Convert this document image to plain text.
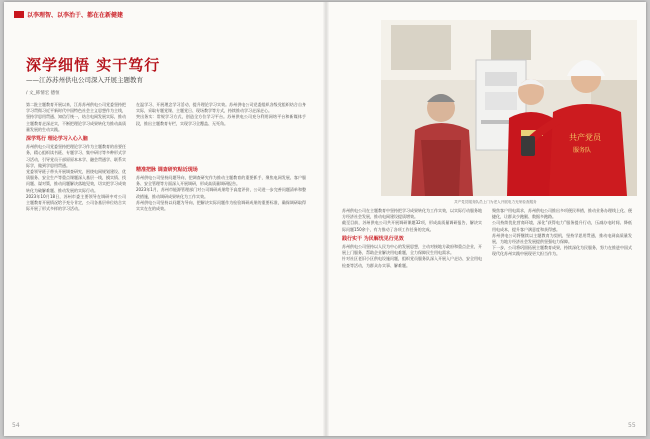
以李理智、以李治于、都在在新健建
深学细悟 实干笃行
——江苏苏州供电公司深入开展主题教育
/ 文_韩情宏 德恒

第二批主题教育开展以来，江苏苏州供电公司党委坚持把学习贯彻习近平新时代中国特色社会主义思想作为主线，坚持学思用贯通、知信行统一，结合电网发展实际，推动主题教育走深走实，不断把理论学习成果转化为推动高质量发展的生动实践。

深学笃行 理论学习入心入脑

苏州供电公司党委坚持把理论学习作为主题教育的首要任务，精心组织读书班、专题学习、集中研讨等多种形式学习活动，引导党员干部原原本本学、融会贯通学、联系实际学，做到学思用贯通。

党委领导班子带头开展调查研究，围绕电网规划建设、优质服务、安全生产等重点课题深入基层一线，摸实情、找问题、谋对策，推动问题解决落地见效，切实把学习成效转化为破解难题、推动发展的实际行动。

2023年10月18日，苏州市委主要领导在调研中对公司主题教育开展情况给予充分肯定，公司各基层单位结合实际开展了形式多样的学习活动。

在温学习、开展理念学习活动，提升理论学习实效。苏州供电公司党委组织各级党组织结合自身实际，采取专题党课、主题党日、现场教学等方式，持续推动学习走深走心。

突出务实：常规学习方式，创造全方位学习平台。苏州供电公司充分利用网络平台和新媒体手段，推出主题教育专栏，实现学习全覆盖、无死角。

精准把脉 调查研究贴近现场

苏州供电公司坚持问题导向，把调查研究作为推动主题教育的重要抓手，聚焦电网发展、客户服务、安全管理等方面深入开展调研，形成高质量调研报告。

2023年1月，苏州市能源管理部门对公司调研成果给予高度评价，公司进一步完善问题清单和整改措施，推动调研成果转化为工作实效。

苏州供电公司坚持以问题为导向，把解决实际问题作为检验调研成果的重要标准，确保调研取得实实在在的成效。

共产党员
服务队
共产党员服务队员上门为老人开展电力光荣检查服务

苏州供电公司在主题教育中坚持把学习成果转化为工作实效，以实际行动服务地方经济社会发展，推动电网建设提质增效。

截至目前，苏州供电公司共开展调研课题32项，形成高质量调研报告，解决实际问题150余个，有力推动了各项工作任务的完成。

践行实干 为民解忧见行见效

苏州供电公司坚持以人民为中心的发展思想，主动对接地方政府和重点企业，开展上门服务，帮助企业解决用电难题，全力保障民生用电需求。

针对社区老旧小区供电设施问题，组织党员服务队深入开展入户走访、安全用电检查等活动，为群众办实事、解难题。

聚焦客户用电需求，苏州供电公司推出多项便民举措，推动业务办理线上化、便捷化，让群众少跑腿、数据多跑路。

公司持续优化营商环境，深化“获得电力”服务提升行动，压减办电时间、降低用电成本，提升客户满意度和获得感。

苏州供电公司将继续以主题教育为契机，坚持学思用贯通，推动电网高质量发展，为地方经济社会发展提供坚强电力保障。

下一步，公司将巩固拓展主题教育成果，持续深化为民服务，努力在推进中国式现代化苏州实践中展现更大担当作为。

54	55
